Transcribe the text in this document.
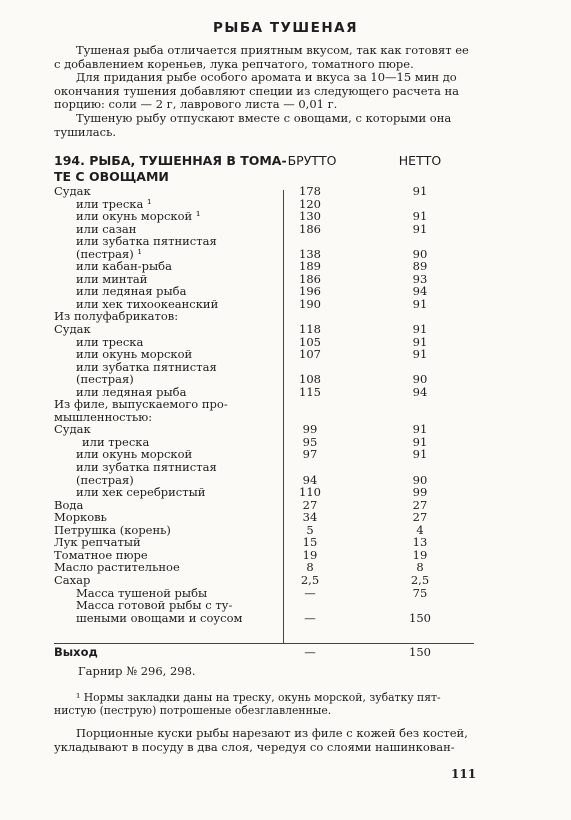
РЫБА ТУШЕНАЯ
Тушеная рыба отличается приятным вкусом, так как готовят ее
с добавлением кореньев, лука репчатого, томатного пюре.
Для придания рыбе особого аромата и вкуса за 10—15 мин до
окончания тушения добавляют специи из следующего расчета на
порцию: соли — 2 г, лаврового листа — 0,01 г.
Тушеную рыбу отпускают вместе с овощами, с которыми она
тушилась.
194. РЫБА, ТУШЕННАЯ В ТОМА-
ТЕ С ОВОЩАМИ
БРУТТО	НЕТТО
Судак	178	91
или треска ¹	120
или окунь морской ¹	130	91
или сазан	186	91
или зубатка пятнистая
(пестрая) ¹	138	90
или кабан-рыба	189	89
или минтай	186	93
или ледяная рыба	196	94
или хек тихоокеанский	190	91
Из полуфабрикатов:
Судак	118	91
или треска	105	91
или окунь морской	107	91
или зубатка пятнистая
(пестрая)	108	90
или ледяная рыба	115	94
Из филе, выпускаемого про-
мышленностью:
Судак	99	91
или треска	95	91
или окунь морской	97	91
или зубатка пятнистая
(пестрая)	94	90
или хек серебристый	110	99
Вода	27	27
Морковь	34	27
Петрушка (корень)	5	4
Лук репчатый	15	13
Томатное пюре	19	19
Масло растительное	8	8
Сахар	2,5	2,5
Масса тушеной рыбы	—	75
Масса готовой рыбы с ту-
шеными овощами и соусом	—	150
Выход	—	150
Гарнир № 296, 298.
¹ Нормы закладки даны на треску, окунь морской, зубатку пят-
нистую (пеструю) потрошеные обезглавленные.
Порционные куски рыбы нарезают из филе с кожей без костей,
укладывают в посуду в два слоя, чередуя со слоями нашинкован-
111
